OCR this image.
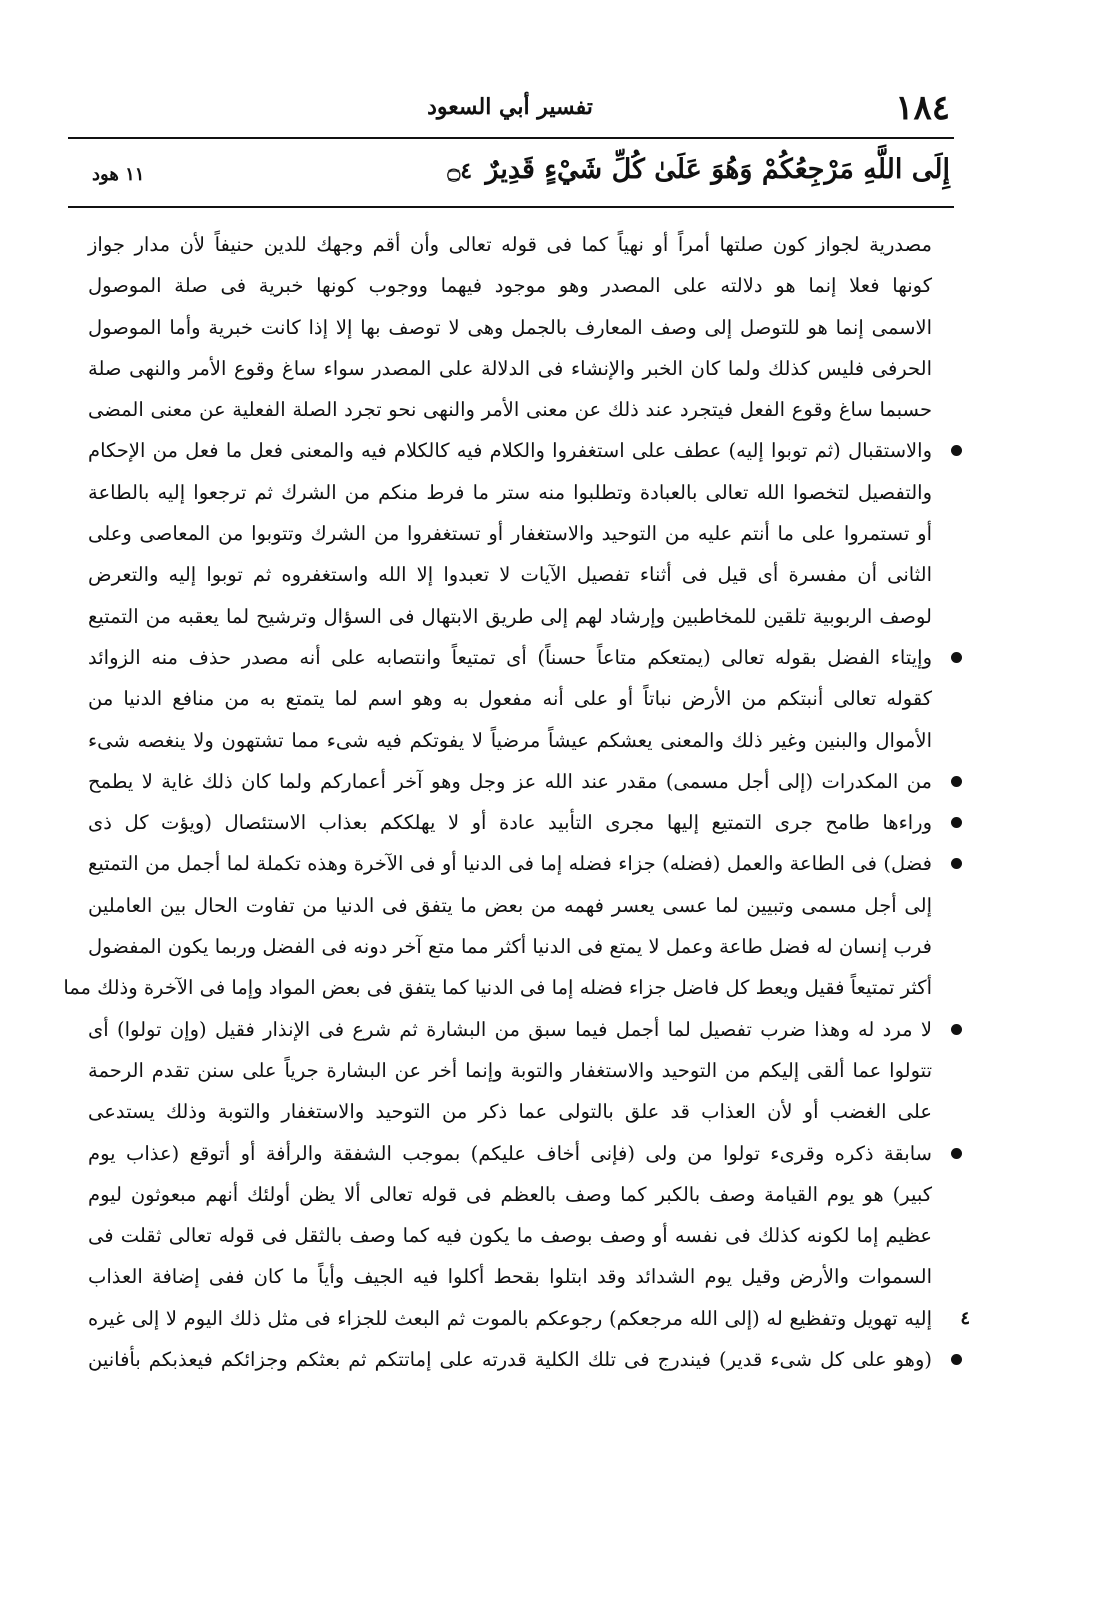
١٨٤
تفسير أبي السعود
إِلَى اللَّهِ مَرْجِعُكُمْ وَهُوَ عَلَىٰ كُلِّ شَيْءٍ قَدِيرٌ ۝٤
١١ هود
مصدرية لجواز كون صلتها أمراً أو نهياً كما فى قوله تعالى وأن أقم وجهك للدين حنيفاً لأن مدار جواز
كونها فعلا إنما هو دلالته على المصدر وهو موجود فيهما ووجوب كونها خبرية فى صلة الموصول
الاسمى إنما هو للتوصل إلى وصف المعارف بالجمل وهى لا توصف بها إلا إذا كانت خبرية وأما الموصول
الحرفى فليس كذلك ولما كان الخبر والإنشاء فى الدلالة على المصدر سواء ساغ وقوع الأمر والنهى صلة
حسبما ساغ وقوع الفعل فيتجرد عند ذلك عن معنى الأمر والنهى نحو تجرد الصلة الفعلية عن معنى المضى
والاستقبال (ثم توبوا إليه) عطف على استغفروا والكلام فيه كالكلام فيه والمعنى فعل ما فعل من الإحكام
والتفصيل لتخصوا الله تعالى بالعبادة وتطلبوا منه ستر ما فرط منكم من الشرك ثم ترجعوا إليه بالطاعة
أو تستمروا على ما أنتم عليه من التوحيد والاستغفار أو تستغفروا من الشرك وتتوبوا من المعاصى وعلى
الثانى أن مفسرة أى قيل فى أثناء تفصيل الآيات لا تعبدوا إلا الله واستغفروه ثم توبوا إليه والتعرض
لوصف الربوبية تلقين للمخاطبين وإرشاد لهم إلى طريق الابتهال فى السؤال وترشيح لما يعقبه من التمتيع
وإيتاء الفضل بقوله تعالى (يمتعكم متاعاً حسناً) أى تمتيعاً وانتصابه على أنه مصدر حذف منه الزوائد
كقوله تعالى أنبتكم من الأرض نباتاً أو على أنه مفعول به وهو اسم لما يتمتع به من منافع الدنيا من
الأموال والبنين وغير ذلك والمعنى يعشكم عيشاً مرضياً لا يفوتكم فيه شىء مما تشتهون ولا ينغصه شىء
من المكدرات (إلى أجل مسمى) مقدر عند الله عز وجل وهو آخر أعماركم ولما كان ذلك غاية لا يطمح
وراءها طامح جرى التمتيع إليها مجرى التأبيد عادة أو لا يهلككم بعذاب الاستئصال (ويؤت كل ذى
فضل) فى الطاعة والعمل (فضله) جزاء فضله إما فى الدنيا أو فى الآخرة وهذه تكملة لما أجمل من التمتيع
إلى أجل مسمى وتبيين لما عسى يعسر فهمه من بعض ما يتفق فى الدنيا من تفاوت الحال بين العاملين
فرب إنسان له فضل طاعة وعمل لا يمتع فى الدنيا أكثر مما متع آخر دونه فى الفضل وربما يكون المفضول
أكثر تمتيعاً فقيل ويعط كل فاضل جزاء فضله إما فى الدنيا كما يتفق فى بعض المواد وإما فى الآخرة وذلك مما
لا مرد له وهذا ضرب تفصيل لما أجمل فيما سبق من البشارة ثم شرع فى الإنذار فقيل (وإن تولوا) أى
تتولوا عما ألقى إليكم من التوحيد والاستغفار والتوبة وإنما أخر عن البشارة جرياً على سنن تقدم الرحمة
على الغضب أو لأن العذاب قد علق بالتولى عما ذكر من التوحيد والاستغفار والتوبة وذلك يستدعى
سابقة ذكره وقرىء تولوا من ولى (فإنى أخاف عليكم) بموجب الشفقة والرأفة أو أتوقع (عذاب يوم
كبير) هو يوم القيامة وصف بالكبر كما وصف بالعظم فى قوله تعالى ألا يظن أولئك أنهم مبعوثون ليوم
عظيم إما لكونه كذلك فى نفسه أو وصف بوصف ما يكون فيه كما وصف بالثقل فى قوله تعالى ثقلت فى
السموات والأرض وقيل يوم الشدائد وقد ابتلوا بقحط أكلوا فيه الجيف وأياً ما كان ففى إضافة العذاب
٤
إليه تهويل وتفظيع له (إلى الله مرجعكم) رجوعكم بالموت ثم البعث للجزاء فى مثل ذلك اليوم لا إلى غيره
(وهو على كل شىء قدير) فيندرج فى تلك الكلية قدرته على إماتتكم ثم بعثكم وجزائكم فيعذبكم بأفانين
